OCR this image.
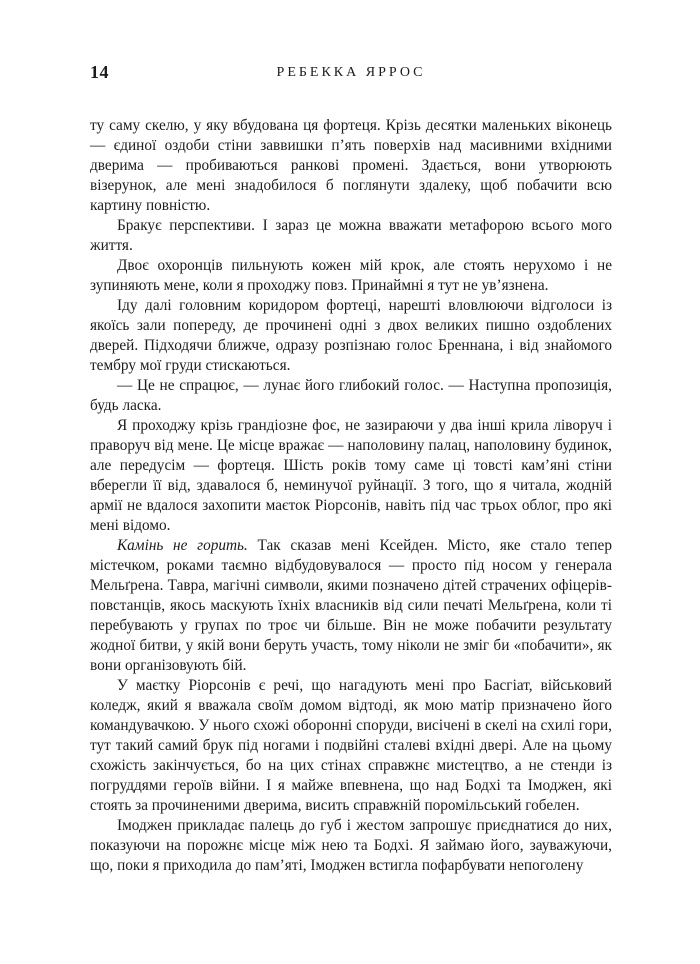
14	РЕБЕККА ЯРРОС

ту саму скелю, у яку вбудована ця фортеця. Крізь десятки маленьких віконець — єдиної оздоби стіни заввишки п’ять поверхів над масивними вхідними дверима — пробиваються ранкові промені. Здається, вони утворюють візерунок, але мені знадобилося б поглянути здалеку, щоб побачити всю картину повністю.

Бракує перспективи. І зараз це можна вважати метафорою всього мого життя.

Двоє охоронців пильнують кожен мій крок, але стоять нерухомо і не зупиняють мене, коли я проходжу повз. Принаймні я тут не ув’язнена.

Іду далі головним коридором фортеці, нарешті вловлюючи відголоси із якоїсь зали попереду, де прочинені одні з двох великих пишно оздоблених дверей. Підходячи ближче, одразу розпізнаю голос Бреннана, і від знайомого тембру мої груди стискаються.

— Це не спрацює, — лунає його глибокий голос. — Наступна пропозиція, будь ласка.

Я проходжу крізь грандіозне фоє, не зазираючи у два інші крила ліворуч і праворуч від мене. Це місце вражає — наполовину палац, наполовину будинок, але передусім — фортеця. Шість років тому саме ці товсті кам’яні стіни вберегли її від, здавалося б, неминучої руйнації. З того, що я читала, жодній армії не вдалося захопити маєток Ріорсонів, навіть під час трьох облог, про які мені відомо.

Камінь не горить. Так сказав мені Ксейден. Місто, яке стало тепер містечком, роками таємно відбудовувалося — просто під носом у генерала Мельґрена. Тавра, магічні символи, якими позначено дітей страчених офіцерів-повстанців, якось маскують їхніх власників від сили печаті Мельґрена, коли ті перебувають у групах по троє чи більше. Він не може побачити результату жодної битви, у якій вони беруть участь, тому ніколи не зміг би «побачити», як вони організовують бій.

У маєтку Ріорсонів є речі, що нагадують мені про Басгіат, військовий коледж, який я вважала своїм домом відтоді, як мою матір призначено його командувачкою. У нього схожі оборонні споруди, висічені в скелі на схилі гори, тут такий самий брук під ногами і подвійні сталеві вхідні двері. Але на цьому схожість закінчується, бо на цих стінах справжнє мистецтво, а не стенди із погруддями героїв війни. І я майже впевнена, що над Бодхі та Імоджен, які стоять за прочиненими дверима, висить справжній поромільський гобелен.

Імоджен прикладає палець до губ і жестом запрошує приєднатися до них, показуючи на порожнє місце між нею та Бодхі. Я займаю його, зауважуючи, що, поки я приходила до пам’яті, Імоджен встигла пофарбувати непоголену
